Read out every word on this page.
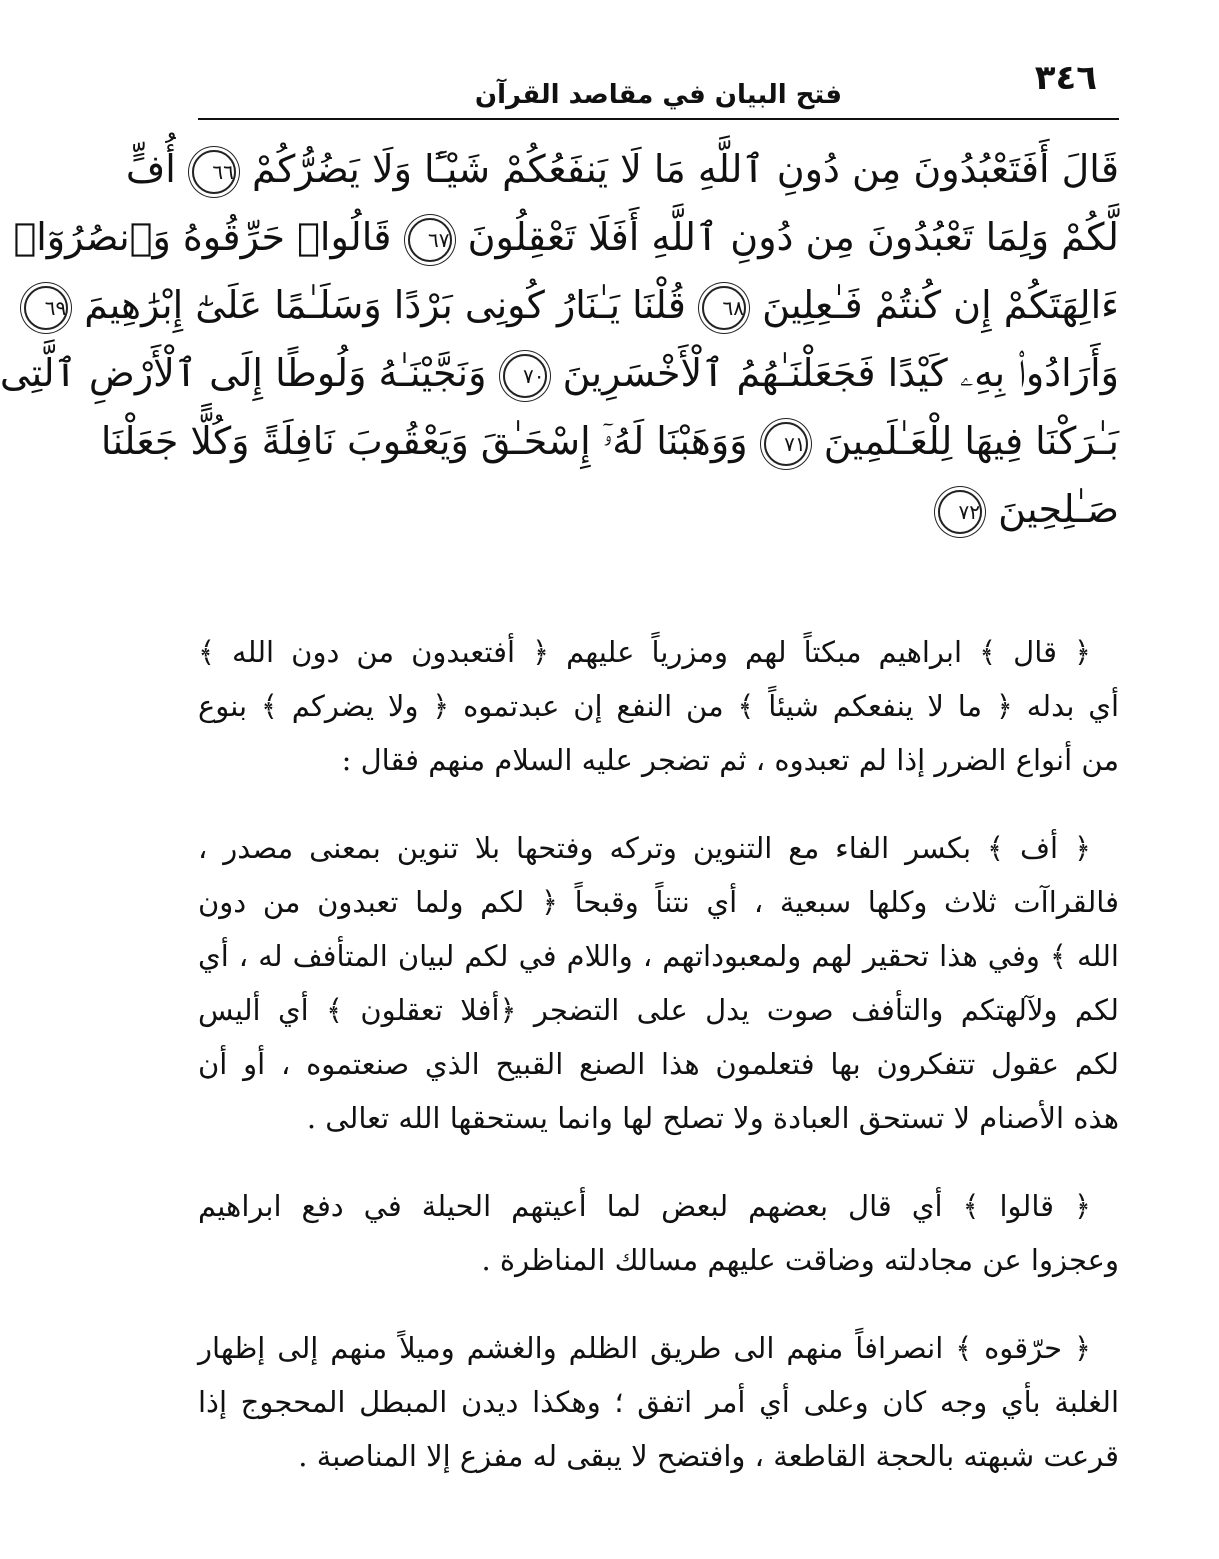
٣٤٦
فتح البيان في مقاصد القرآن
قَالَ أَفَتَعْبُدُونَ مِن دُونِ ٱللَّهِ مَا لَا يَنفَعُكُمْ شَيْـًٔا وَلَا يَضُرُّكُمْ ٦٦ أُفٍّ
لَّكُمْ وَلِمَا تَعْبُدُونَ مِن دُونِ ٱللَّهِ أَفَلَا تَعْقِلُونَ ٦٧ قَالُوا۟ حَرِّقُوهُ وَٱنصُرُوٓا۟
ءَالِهَتَكُمْ إِن كُنتُمْ فَـٰعِلِينَ ٦٨ قُلْنَا يَـٰنَارُ كُونِى بَرْدًا وَسَلَـٰمًا عَلَىٰٓ إِبْرَٰهِيمَ ٦٩
وَأَرَادُوا۟ بِهِۦ كَيْدًا فَجَعَلْنَـٰهُمُ ٱلْأَخْسَرِينَ ٧٠ وَنَجَّيْنَـٰهُ وَلُوطًا إِلَى ٱلْأَرْضِ ٱلَّتِى
بَـٰرَكْنَا فِيهَا لِلْعَـٰلَمِينَ ٧١ وَوَهَبْنَا لَهُۥٓ إِسْحَـٰقَ وَيَعْقُوبَ نَافِلَةً وَكُلًّا جَعَلْنَا
صَـٰلِحِينَ ٧٢
﴿ قال ﴾ ابراهيم مبكتاً لهم ومزرياً عليهم ﴿ أفتعبدون من دون الله ﴾
أي بدله ﴿ ما لا ينفعكم شيئاً ﴾ من النفع إن عبدتموه ﴿ ولا يضركم ﴾ بنوع
من أنواع الضرر إذا لم تعبدوه ، ثم تضجر عليه السلام منهم فقال :
﴿ أف ﴾ بكسر الفاء مع التنوين وتركه وفتحها بلا تنوين بمعنى مصدر ،
فالقراآت ثلاث وكلها سبعية ، أي نتناً وقبحاً ﴿ لكم ولما تعبدون من دون
الله ﴾ وفي هذا تحقير لهم ولمعبوداتهم ، واللام في لكم لبيان المتأفف له ، أي
لكم ولآلهتكم والتأفف صوت يدل على التضجر ﴿أفلا تعقلون ﴾ أي أليس
لكم عقول تتفكرون بها فتعلمون هذا الصنع القبيح الذي صنعتموه ، أو أن
هذه الأصنام لا تستحق العبادة ولا تصلح لها وانما يستحقها الله تعالى .
﴿ قالوا ﴾ أي قال بعضهم لبعض لما أعيتهم الحيلة في دفع ابراهيم
وعجزوا عن مجادلته وضاقت عليهم مسالك المناظرة .
﴿ حرّقوه ﴾ انصرافاً منهم الى طريق الظلم والغشم وميلاً منهم إلى إظهار
الغلبة بأي وجه كان وعلى أي أمر اتفق ؛ وهكذا ديدن المبطل المحجوج إذا
قرعت شبهته بالحجة القاطعة ، وافتضح لا يبقى له مفزع إلا المناصبة .
